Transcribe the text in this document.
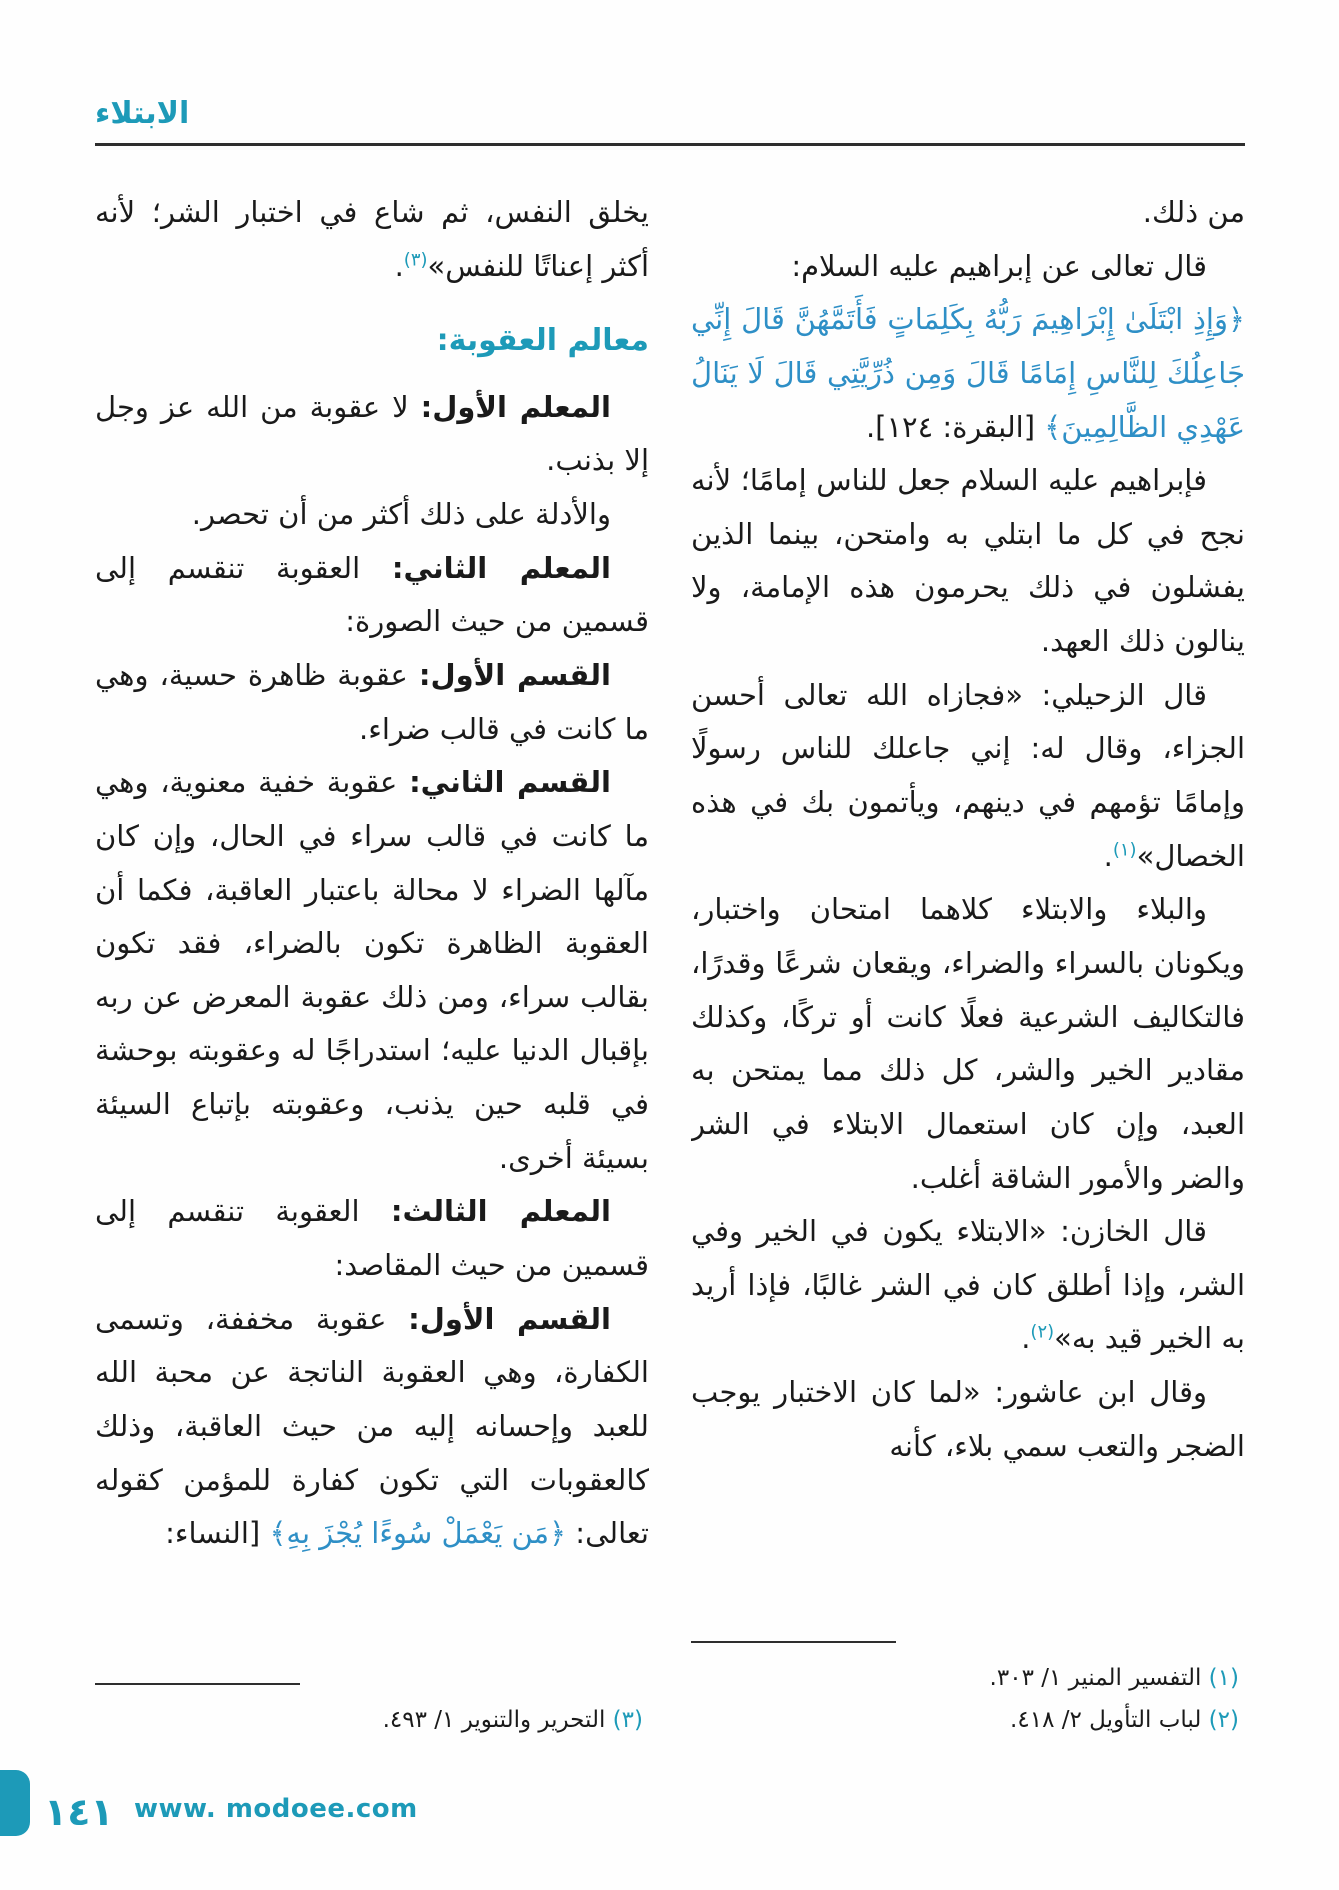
الابتلاء

من ذلك.

قال تعالى عن إبراهيم عليه السلام:

﴿وَإِذِ ابْتَلَىٰ إِبْرَاهِيمَ رَبُّهُ بِكَلِمَاتٍ فَأَتَمَّهُنَّ قَالَ إِنِّي جَاعِلُكَ لِلنَّاسِ إِمَامًا قَالَ وَمِن ذُرِّيَّتِي قَالَ لَا يَنَالُ عَهْدِي الظَّالِمِينَ﴾ [البقرة: ١٢٤].

فإبراهيم عليه السلام جعل للناس إمامًا؛ لأنه نجح في كل ما ابتلي به وامتحن، بينما الذين يفشلون في ذلك يحرمون هذه الإمامة، ولا ينالون ذلك العهد.

قال الزحيلي: «فجازاه الله تعالى أحسن الجزاء، وقال له: إني جاعلك للناس رسولًا وإمامًا تؤمهم في دينهم، ويأتمون بك في هذه الخصال»$^{(١)}$.

والبلاء والابتلاء كلاهما امتحان واختبار، ويكونان بالسراء والضراء، ويقعان شرعًا وقدرًا، فالتكاليف الشرعية فعلًا كانت أو تركًا، وكذلك مقادير الخير والشر، كل ذلك مما يمتحن به العبد، وإن كان استعمال الابتلاء في الشر والضر والأمور الشاقة أغلب.

قال الخازن: «الابتلاء يكون في الخير وفي الشر، وإذا أطلق كان في الشر غالبًا، فإذا أريد به الخير قيد به»$^{(٢)}$.

وقال ابن عاشور: «لما كان الاختبار يوجب الضجر والتعب سمي بلاء، كأنه

(١) التفسير المنير ١/ ٣٠٣.
(٢) لباب التأويل ٢/ ٤١٨.

يخلق النفس، ثم شاع في اختبار الشر؛ لأنه أكثر إعناتًا للنفس»$^{(٣)}$.

معالم العقوبة:

المعلم الأول: لا عقوبة من الله عز وجل إلا بذنب.

والأدلة على ذلك أكثر من أن تحصر.

المعلم الثاني: العقوبة تنقسم إلى قسمين من حيث الصورة:

القسم الأول: عقوبة ظاهرة حسية، وهي ما كانت في قالب ضراء.

القسم الثاني: عقوبة خفية معنوية، وهي ما كانت في قالب سراء في الحال، وإن كان مآلها الضراء لا محالة باعتبار العاقبة، فكما أن العقوبة الظاهرة تكون بالضراء، فقد تكون بقالب سراء، ومن ذلك عقوبة المعرض عن ربه بإقبال الدنيا عليه؛ استدراجًا له وعقوبته بوحشة في قلبه حين يذنب، وعقوبته بإتباع السيئة بسيئة أخرى.

المعلم الثالث: العقوبة تنقسم إلى قسمين من حيث المقاصد:

القسم الأول: عقوبة مخففة، وتسمى الكفارة، وهي العقوبة الناتجة عن محبة الله للعبد وإحسانه إليه من حيث العاقبة، وذلك كالعقوبات التي تكون كفارة للمؤمن كقوله تعالى: ﴿مَن يَعْمَلْ سُوءًا يُجْزَ بِهِ﴾ [النساء:

(٣) التحرير والتنوير ١/ ٤٩٣.
١٤١ www. modoee.com
